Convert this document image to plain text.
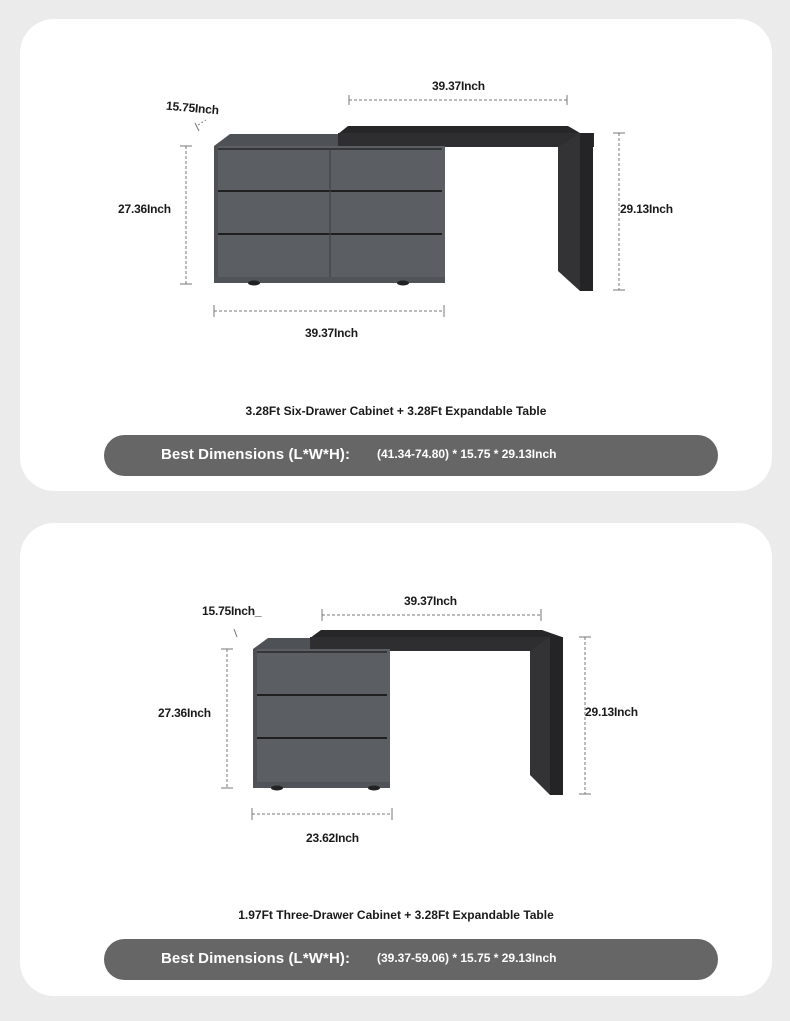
15.75Inch
39.37Inch
27.36Inch	29.13Inch
39.37Inch
3.28Ft Six-Drawer Cabinet + 3.28Ft Expandable Table
Best Dimensions (L*W*H): (41.34-74.80) * 15.75 * 29.13Inch
15.75Inch_
39.37Inch
27.36Inch	29.13Inch
23.62Inch
1.97Ft Three-Drawer Cabinet + 3.28Ft Expandable Table
Best Dimensions (L*W*H): (39.37-59.06) * 15.75 * 29.13Inch
